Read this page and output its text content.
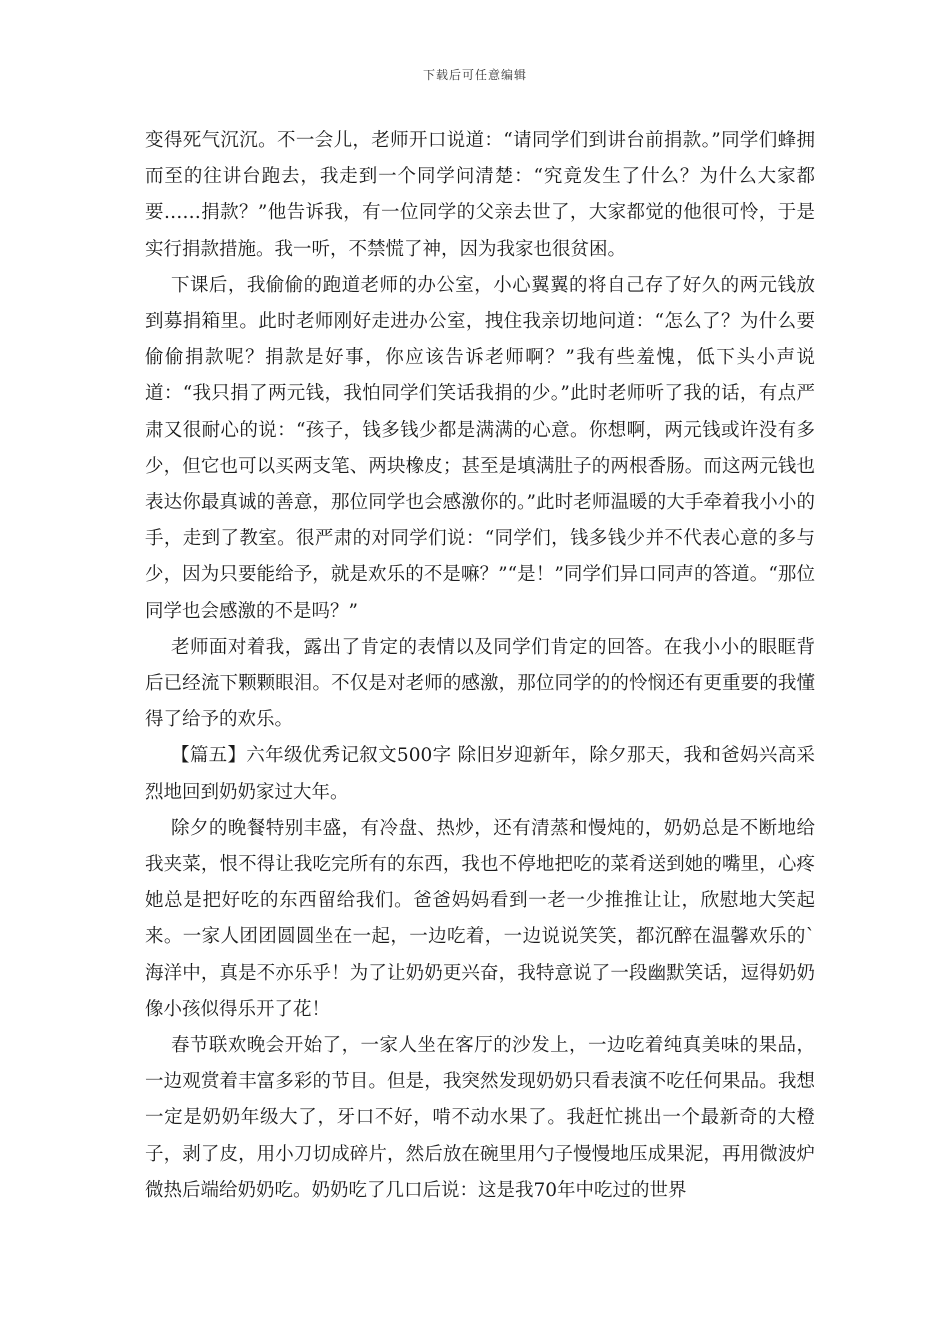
下载后可任意编辑

变得死气沉沉。不一会儿，老师开口说道：“请同学们到讲台前捐款。”同学们蜂拥而至的往讲台跑去，我走到一个同学问清楚：“究竟发生了什么？为什么大家都要……捐款？”他告诉我，有一位同学的父亲去世了，大家都觉的他很可怜，于是实行捐款措施。我一听，不禁慌了神，因为我家也很贫困。

下课后，我偷偷的跑道老师的办公室，小心翼翼的将自己存了好久的两元钱放到募捐箱里。此时老师刚好走进办公室，拽住我亲切地问道：“怎么了？为什么要偷偷捐款呢？捐款是好事，你应该告诉老师啊？”我有些羞愧，低下头小声说道：“我只捐了两元钱，我怕同学们笑话我捐的少。”此时老师听了我的话，有点严肃又很耐心的说：“孩子，钱多钱少都是满满的心意。你想啊，两元钱或许没有多少，但它也可以买两支笔、两块橡皮；甚至是填满肚子的两根香肠。而这两元钱也表达你最真诚的善意，那位同学也会感激你的。”此时老师温暖的大手牵着我小小的手，走到了教室。很严肃的对同学们说：“同学们，钱多钱少并不代表心意的多与少，因为只要能给予，就是欢乐的不是嘛？”“是！”同学们异口同声的答道。“那位同学也会感激的不是吗？”

老师面对着我，露出了肯定的表情以及同学们肯定的回答。在我小小的眼眶背后已经流下颗颗眼泪。不仅是对老师的感激，那位同学的的怜悯还有更重要的我懂得了给予的欢乐。

【篇五】六年级优秀记叙文500字 除旧岁迎新年，除夕那天，我和爸妈兴高采烈地回到奶奶家过大年。

除夕的晚餐特别丰盛，有冷盘、热炒，还有清蒸和慢炖的，奶奶总是不断地给我夹菜，恨不得让我吃完所有的东西，我也不停地把吃的菜肴送到她的嘴里，心疼她总是把好吃的东西留给我们。爸爸妈妈看到一老一少推推让让，欣慰地大笑起来。一家人团团圆圆坐在一起，一边吃着，一边说说笑笑，都沉醉在温馨欢乐的`海洋中，真是不亦乐乎！为了让奶奶更兴奋，我特意说了一段幽默笑话，逗得奶奶像小孩似得乐开了花！

春节联欢晚会开始了，一家人坐在客厅的沙发上，一边吃着纯真美味的果品，一边观赏着丰富多彩的节目。但是，我突然发现奶奶只看表演不吃任何果品。我想一定是奶奶年级大了，牙口不好，啃不动水果了。我赶忙挑出一个最新奇的大橙子，剥了皮，用小刀切成碎片，然后放在碗里用勺子慢慢地压成果泥，再用微波炉微热后端给奶奶吃。奶奶吃了几口后说：这是我70年中吃过的世界
